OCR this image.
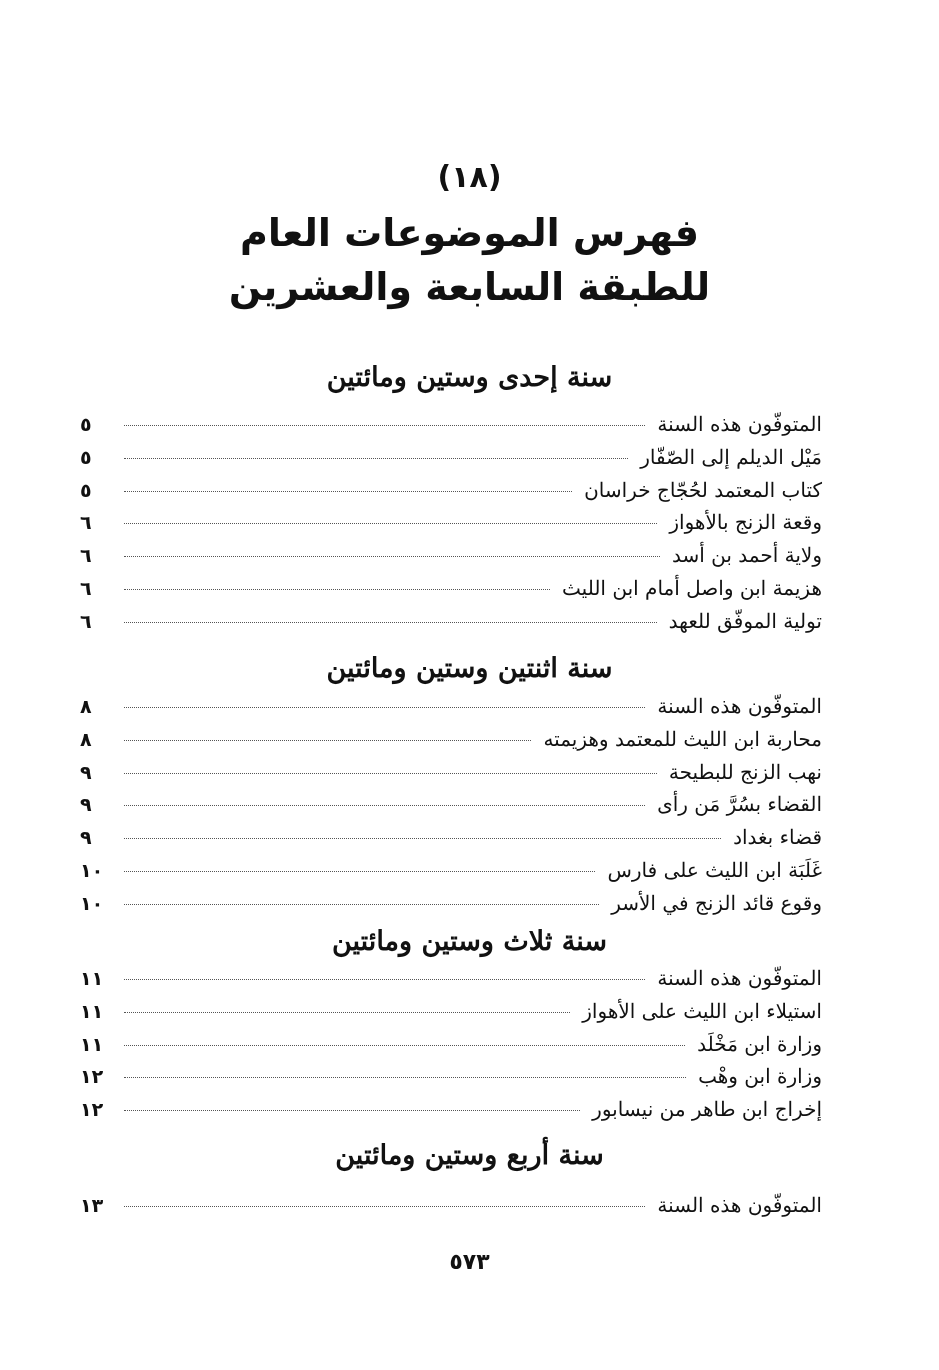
(١٨)
فهرس الموضوعات العام
للطبقة السابعة والعشرين
سنة إحدى وستين ومائتين
المتوفّون هذه السنة
٥
مَيْل الديلم إلى الصّفّار
٥
كتاب المعتمد لحُجّاج خراسان
٥
وقعة الزنج بالأهواز
٦
ولاية أحمد بن أسد
٦
هزيمة ابن واصل أمام ابن الليث
٦
تولية الموفّق للعهد
٦
سنة اثنتين وستين ومائتين
المتوفّون هذه السنة
٨
محاربة ابن الليث للمعتمد وهزيمته
٨
نهب الزنج للبطيحة
٩
القضاء بسُرَّ مَن رأى
٩
قضاء بغداد
٩
غَلَبَة ابن الليث على فارس
١٠
وقوع قائد الزنج في الأسر
١٠
سنة ثلاث وستين ومائتين
المتوفّون هذه السنة
١١
استيلاء ابن الليث على الأهواز
١١
وزارة ابن مَخْلَد
١١
وزارة ابن وهْب
١٢
إخراج ابن طاهر من نيسابور
١٢
سنة أربع وستين ومائتين
المتوفّون هذه السنة
١٣
٥٧٣
